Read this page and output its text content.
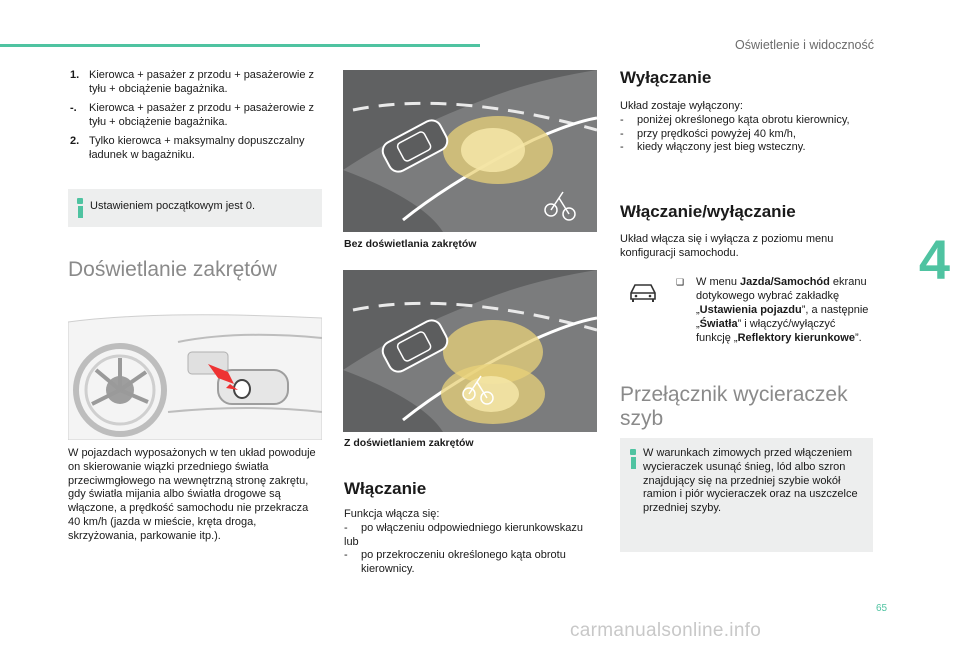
Oświetlenie i widoczność
4
1. Kierowca + pasażer z przodu + pasażerowie z tyłu + obciążenie bagażnika.
-.	Kierowca + pasażer z przodu + pasażerowie z tyłu + obciążenie bagażnika.
2. Tylko kierowca + maksymalny dopuszczalny ładunek w bagażniku.
Ustawieniem początkowym jest 0.
Doświetlanie zakrętów
W pojazdach wyposażonych w ten układ powoduje on skierowanie wiązki przedniego światła przeciwmgłowego na wewnętrzną stronę zakrętu, gdy światła mijania albo światła drogowe są włączone, a prędkość samochodu nie przekracza 40 km/h (jazda w mieście, kręta droga, skrzyżowania, parkowanie itp.).
Bez doświetlania zakrętów
Z doświetlaniem zakrętów
Włączanie
Funkcja włącza się:
-	po włączeniu odpowiedniego kierunkowskazu
lub
-	po przekroczeniu określonego kąta obrotu kierownicy.
Wyłączanie
Układ zostaje wyłączony:
-	poniżej określonego kąta obrotu kierownicy,
-	przy prędkości powyżej 40 km/h,
-	kiedy włączony jest bieg wsteczny.
Włączanie/wyłączanie
Układ włącza się i wyłącza z poziomu menu konfiguracji samochodu.
❑ W menu Jazda/Samochód ekranu dotykowego wybrać zakładkę „Ustawienia pojazdu”, a następnie „Światła” i włączyć/wyłączyć funkcję „Reflektory kierunkowe”.
Przełącznik wycieraczek szyb
W warunkach zimowych przed włączeniem wycieraczek usunąć śnieg, lód albo szron znajdujący się na przedniej szybie wokół ramion i piór wycieraczek oraz na uszczelce przedniej szyby.
65
carmanualsonline.info
